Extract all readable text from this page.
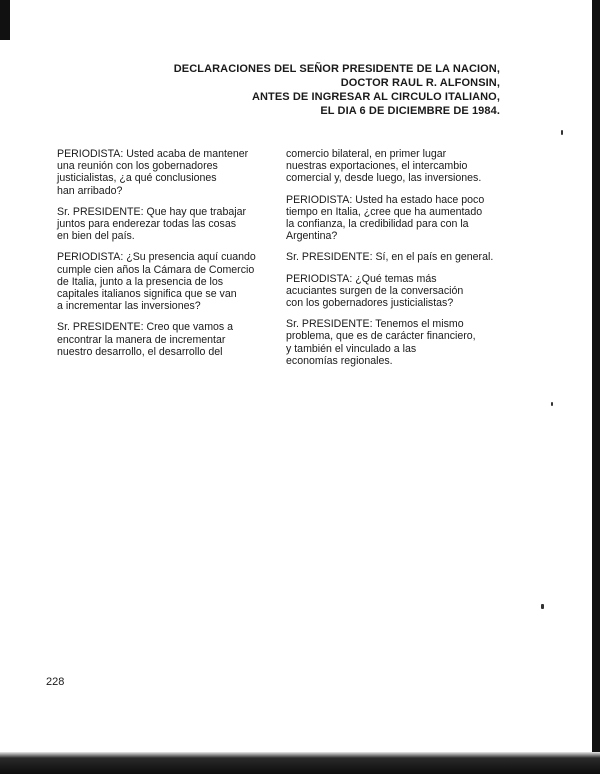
DECLARACIONES DEL SEÑOR PRESIDENTE DE LA NACION,
DOCTOR RAUL R. ALFONSIN,
ANTES DE INGRESAR AL CIRCULO ITALIANO,
EL DIA 6 DE DICIEMBRE DE 1984.

PERIODISTA: Usted acaba de mantener
una reunión con los gobernadores
justicialistas, ¿a qué conclusiones
han arribado?

Sr. PRESIDENTE: Que hay que trabajar
juntos para enderezar todas las cosas
en bien del país.

PERIODISTA: ¿Su presencia aquí cuando
cumple cien años la Cámara de Comercio
de Italia, junto a la presencia de los
capitales italianos significa que se van
a incrementar las inversiones?

Sr. PRESIDENTE: Creo que vamos a
encontrar la manera de incrementar
nuestro desarrollo, el desarrollo del

comercio bilateral, en primer lugar
nuestras exportaciones, el intercambio
comercial y, desde luego, las inversiones.

PERIODISTA: Usted ha estado hace poco
tiempo en Italia, ¿cree que ha aumentado
la confianza, la credibilidad para con la
Argentina?

Sr. PRESIDENTE: Sí, en el país en general.

PERIODISTA: ¿Qué temas más
acuciantes surgen de la conversación
con los gobernadores justicialistas?

Sr. PRESIDENTE: Tenemos el mismo
problema, que es de carácter financiero,
y también el vinculado a las
economías regionales.

228
